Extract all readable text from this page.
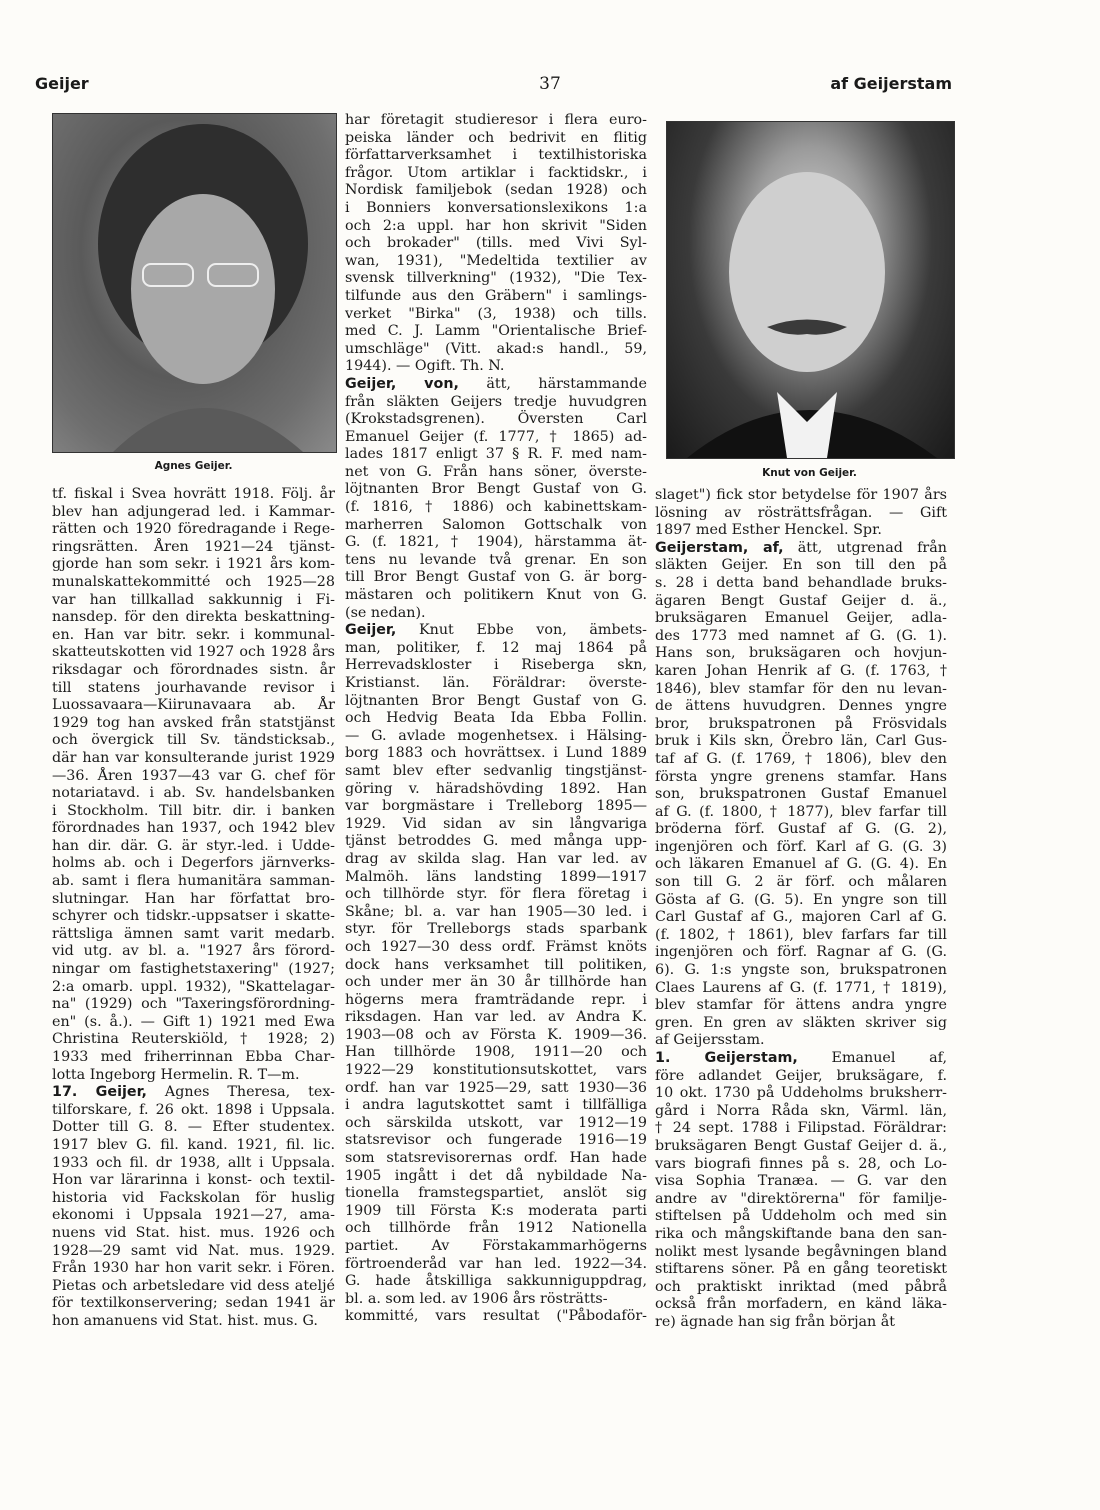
Geijer	37	af Geijerstam
Agnes Geijer.
Knut von Geijer.

tf. fiskal i Svea hovrätt 1918. Följ. år

blev han adjungerad led. i Kammar-

rätten och 1920 föredragande i Rege-

ringsrätten. Åren 1921—24 tjänst-

gjorde han som sekr. i 1921 års kom-

munalskattekommitté och 1925—28

var han tillkallad sakkunnig i Fi-

nansdep. för den direkta beskattning-

en. Han var bitr. sekr. i kommunal-

skatteutskotten vid 1927 och 1928 års

riksdagar och förordnades sistn. år

till statens jourhavande revisor i

Luossavaara—Kiirunavaara ab. År

1929 tog han avsked från statstjänst

och övergick till Sv. tändsticksab.,

där han var konsulterande jurist 1929

—36. Åren 1937—43 var G. chef för

notariatavd. i ab. Sv. handelsbanken

i Stockholm. Till bitr. dir. i banken

förordnades han 1937, och 1942 blev

han dir. där. G. är styr.-led. i Udde-

holms ab. och i Degerfors järnverks-

ab. samt i flera humanitära samman-

slutningar. Han har författat bro-

schyrer och tidskr.-uppsatser i skatte-

rättsliga ämnen samt varit medarb.

vid utg. av bl. a. "1927 års förord-

ningar om fastighetstaxering" (1927;

2:a omarb. uppl. 1932), "Skattelagar-

na" (1929) och "Taxeringsförordning-

en" (s. å.). — Gift 1) 1921 med Ewa

Christina Reuterskiöld, † 1928; 2)

1933 med friherrinnan Ebba Char-

lotta Ingeborg Hermelin. R. T—m.

17. Geijer, Agnes Theresa, tex-

tilforskare, f. 26 okt. 1898 i Uppsala.

Dotter till G. 8. — Efter studentex.

1917 blev G. fil. kand. 1921, fil. lic.

1933 och fil. dr 1938, allt i Uppsala.

Hon var lärarinna i konst- och textil-

historia vid Fackskolan för huslig

ekonomi i Uppsala 1921—27, ama-

nuens vid Stat. hist. mus. 1926 och

1928—29 samt vid Nat. mus. 1929.

Från 1930 har hon varit sekr. i Fören.

Pietas och arbetsledare vid dess ateljé

för textilkonservering; sedan 1941 är

hon amanuens vid Stat. hist. mus. G.

har företagit studieresor i flera euro-

peiska länder och bedrivit en flitig

författarverksamhet i textilhistoriska

frågor. Utom artiklar i facktidskr., i

Nordisk familjebok (sedan 1928) och

i Bonniers konversationslexikons 1:a

och 2:a uppl. har hon skrivit "Siden

och brokader" (tills. med Vivi Syl-

wan, 1931), "Medeltida textilier av

svensk tillverkning" (1932), "Die Tex-

tilfunde aus den Gräbern" i samlings-

verket "Birka" (3, 1938) och tills.

med C. J. Lamm "Orientalische Brief-

umschläge" (Vitt. akad:s handl., 59,

1944). — Ogift. Th. N.

Geijer, von, ätt, härstammande

från släkten Geijers tredje huvudgren

(Krokstadsgrenen). Översten Carl

Emanuel Geijer (f. 1777, † 1865) ad-

lades 1817 enligt 37 § R. F. med nam-

net von G. Från hans söner, överste-

löjtnanten Bror Bengt Gustaf von G.

(f. 1816, † 1886) och kabinettskam-

marherren Salomon Gottschalk von

G. (f. 1821, † 1904), härstamma ät-

tens nu levande två grenar. En son

till Bror Bengt Gustaf von G. är borg-

mästaren och politikern Knut von G.

(se nedan).

Geijer, Knut Ebbe von, ämbets-

man, politiker, f. 12 maj 1864 på

Herrevadskloster i Riseberga skn,

Kristianst. län. Föräldrar: överste-

löjtnanten Bror Bengt Gustaf von G.

och Hedvig Beata Ida Ebba Follin.

— G. avlade mogenhetsex. i Hälsing-

borg 1883 och hovrättsex. i Lund 1889

samt blev efter sedvanlig tingstjänst-

göring v. häradshövding 1892. Han

var borgmästare i Trelleborg 1895—

1929. Vid sidan av sin långvariga

tjänst betroddes G. med många upp-

drag av skilda slag. Han var led. av

Malmöh. läns landsting 1899—1917

och tillhörde styr. för flera företag i

Skåne; bl. a. var han 1905—30 led. i

styr. för Trelleborgs stads sparbank

och 1927—30 dess ordf. Främst knöts

dock hans verksamhet till politiken,

och under mer än 30 år tillhörde han

högerns mera framträdande repr. i

riksdagen. Han var led. av Andra K.

1903—08 och av Första K. 1909—36.

Han tillhörde 1908, 1911—20 och

1922—29 konstitutionsutskottet, vars

ordf. han var 1925—29, satt 1930—36

i andra lagutskottet samt i tillfälliga

och särskilda utskott, var 1912—19

statsrevisor och fungerade 1916—19

som statsrevisorernas ordf. Han hade

1905 ingått i det då nybildade Na-

tionella framstegspartiet, anslöt sig

1909 till Första K:s moderata parti

och tillhörde från 1912 Nationella

partiet. Av Förstakammarhögerns

förtroenderåd var han led. 1922—34.

G. hade åtskilliga sakkunniguppdrag,

bl. a. som led. av 1906 års rösträtts-

kommitté, vars resultat ("Påbodaför-

slaget") fick stor betydelse för 1907 års

lösning av rösträttsfrågan. — Gift

1897 med Esther Henckel. Spr.

Geijerstam, af, ätt, utgrenad från

släkten Geijer. En son till den på

s. 28 i detta band behandlade bruks-

ägaren Bengt Gustaf Geijer d. ä.,

bruksägaren Emanuel Geijer, adla-

des 1773 med namnet af G. (G. 1).

Hans son, bruksägaren och hovjun-

karen Johan Henrik af G. (f. 1763, †

1846), blev stamfar för den nu levan-

de ättens huvudgren. Dennes yngre

bror, brukspatronen på Frösvidals

bruk i Kils skn, Örebro län, Carl Gus-

taf af G. (f. 1769, † 1806), blev den

första yngre grenens stamfar. Hans

son, brukspatronen Gustaf Emanuel

af G. (f. 1800, † 1877), blev farfar till

bröderna förf. Gustaf af G. (G. 2),

ingenjören och förf. Karl af G. (G. 3)

och läkaren Emanuel af G. (G. 4). En

son till G. 2 är förf. och målaren

Gösta af G. (G. 5). En yngre son till

Carl Gustaf af G., majoren Carl af G.

(f. 1802, † 1861), blev farfars far till

ingenjören och förf. Ragnar af G. (G.

6). G. 1:s yngste son, brukspatronen

Claes Laurens af G. (f. 1771, † 1819),

blev stamfar för ättens andra yngre

gren. En gren av släkten skriver sig

af Geijersstam.

1. Geijerstam, Emanuel af,

före adlandet Geijer, bruksägare, f.

10 okt. 1730 på Uddeholms bruksherr-

gård i Norra Råda skn, Värml. län,

† 24 sept. 1788 i Filipstad. Föräldrar:

bruksägaren Bengt Gustaf Geijer d. ä.,

vars biografi finnes på s. 28, och Lo-

visa Sophia Tranæa. — G. var den

andre av "direktörerna" för familje-

stiftelsen på Uddeholm och med sin

rika och mångskiftande bana den san-

nolikt mest lysande begåvningen bland

stiftarens söner. På en gång teoretiskt

och praktiskt inriktad (med påbrå

också från morfadern, en känd läka-

re) ägnade han sig från början åt
